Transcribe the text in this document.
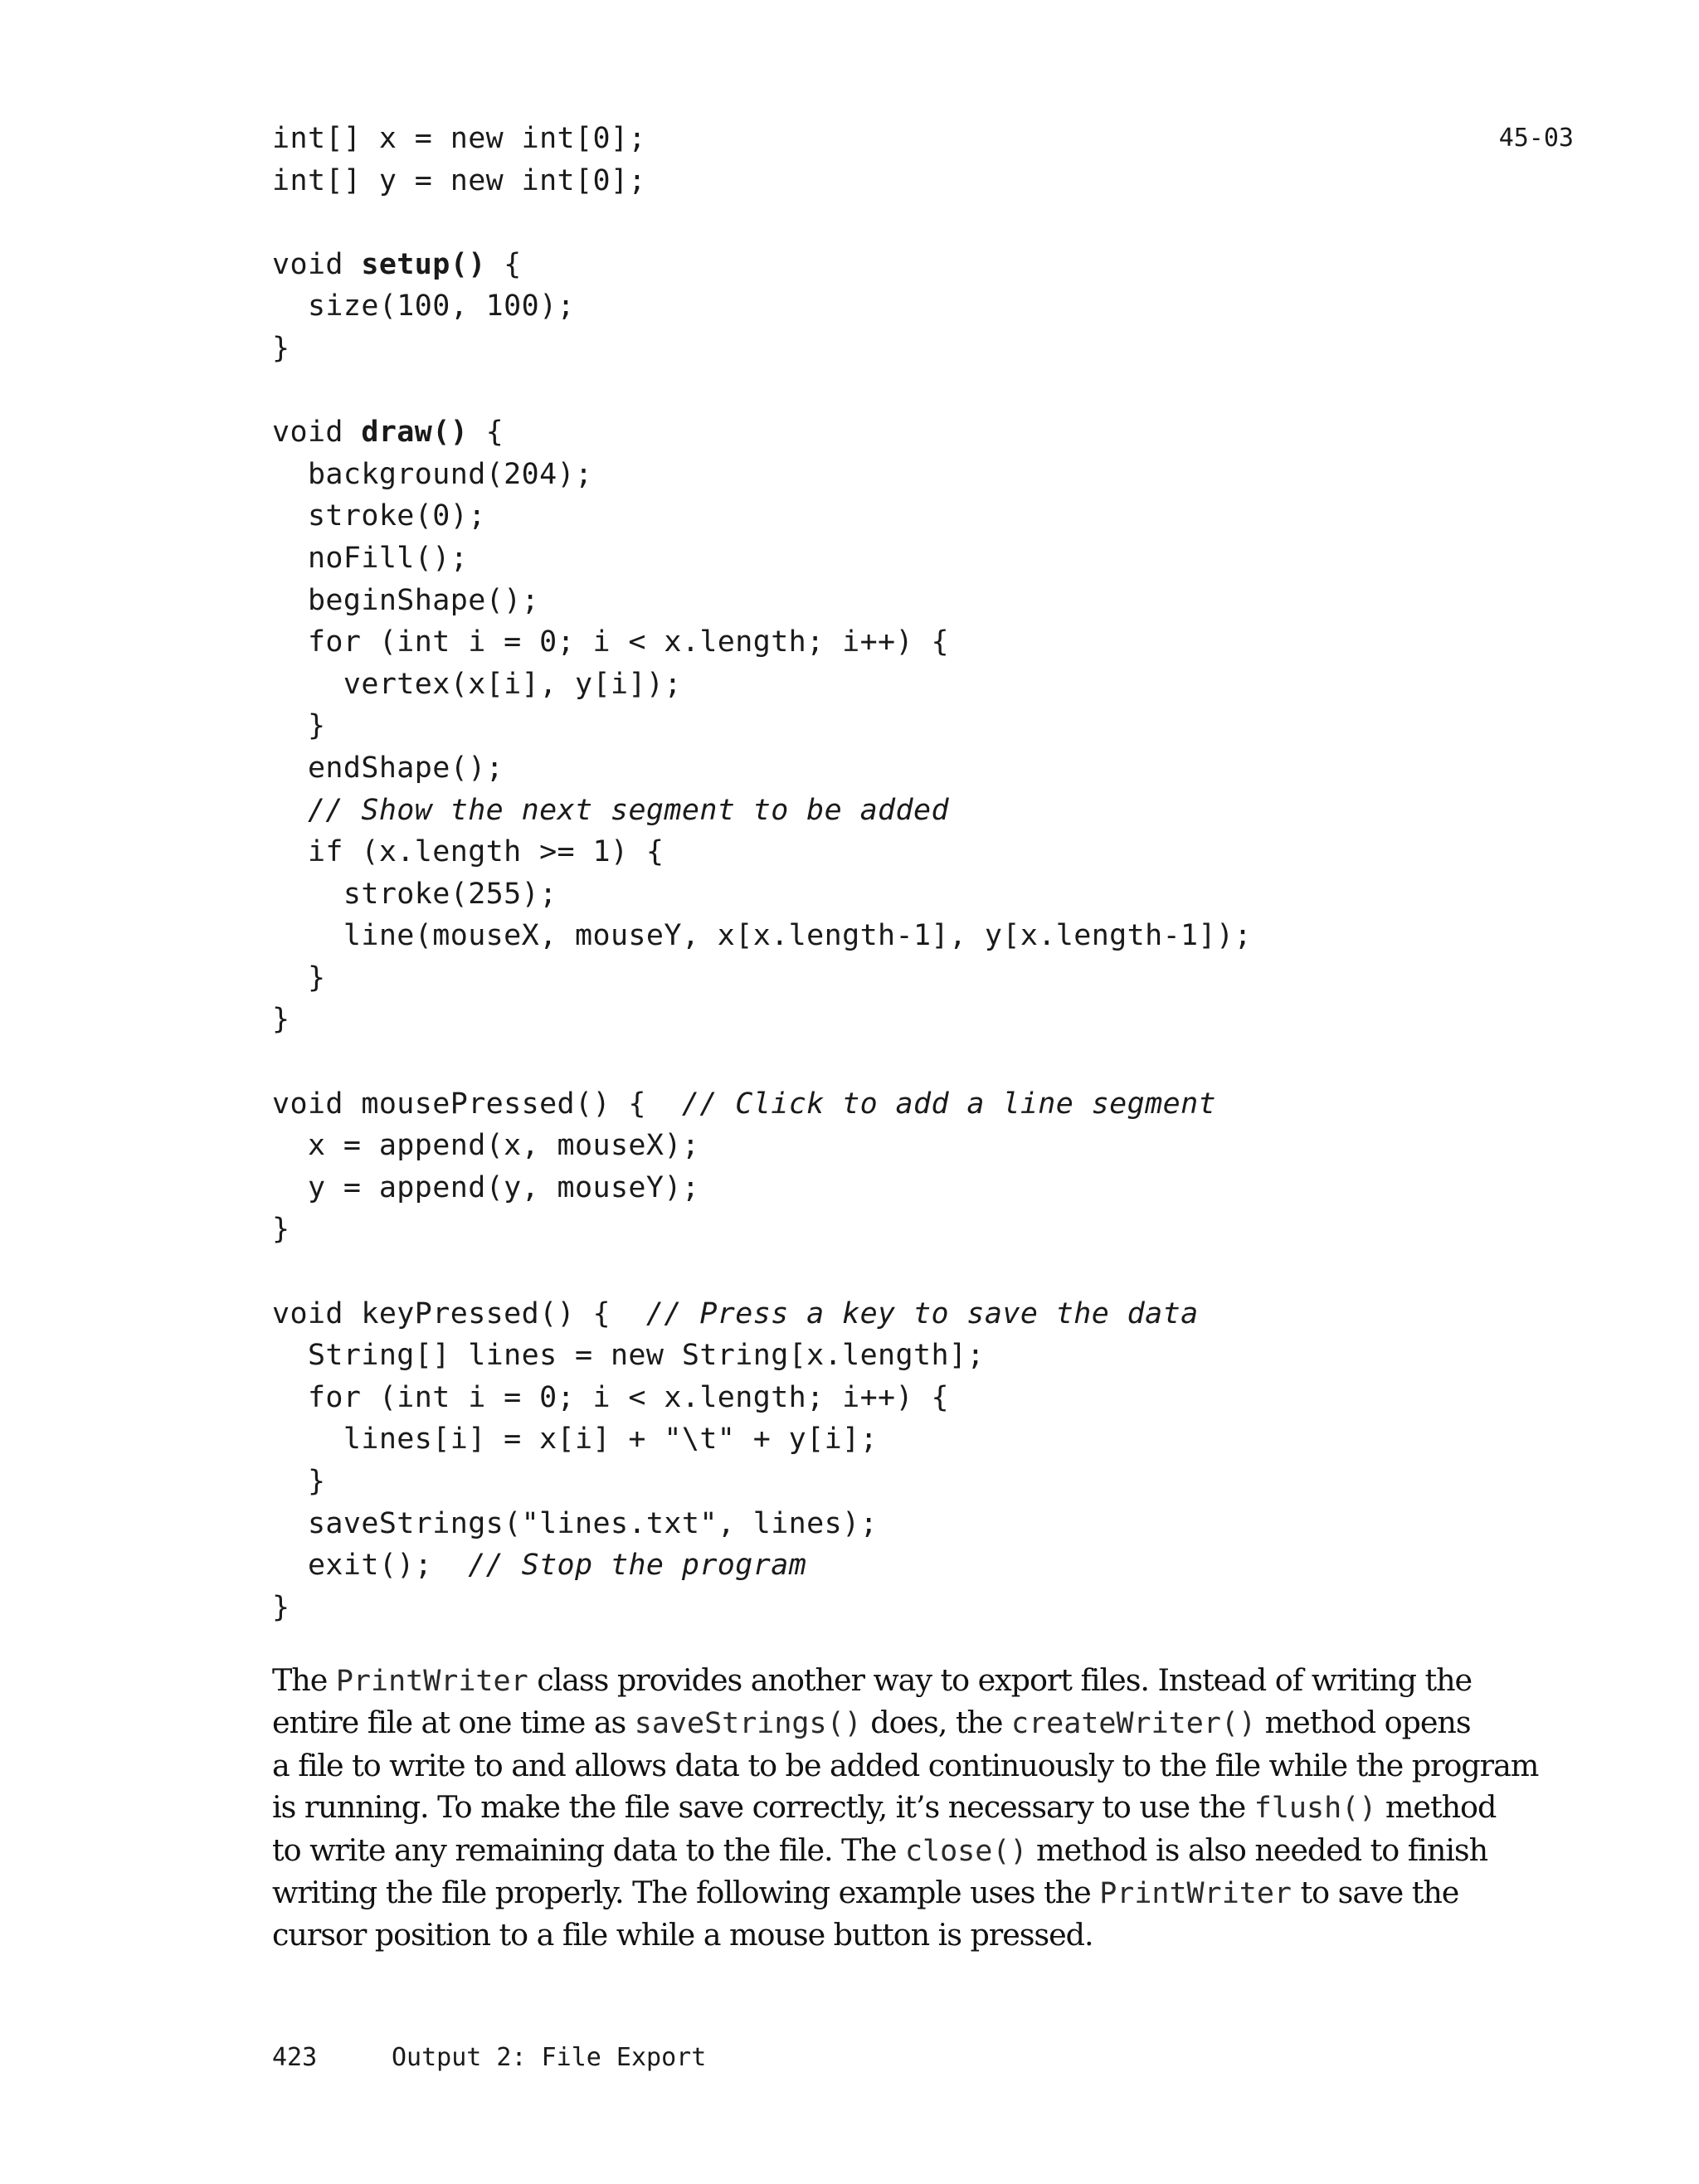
45-03
int[] x = new int[0];
int[] y = new int[0];
void setup() {
size(100, 100);
}
void draw() {
background(204);
stroke(0);
noFill();
beginShape();
for (int i = 0; i < x.length; i++) {
vertex(x[i], y[i]);
}
endShape();
// Show the next segment to be added
if (x.length >= 1) {
stroke(255);
line(mouseX, mouseY, x[x.length-1], y[x.length-1]);
}
}
void mousePressed() {  // Click to add a line segment
x = append(x, mouseX);
y = append(y, mouseY);
}
void keyPressed() {  // Press a key to save the data
String[] lines = new String[x.length];
for (int i = 0; i < x.length; i++) {
lines[i] = x[i] + "\t" + y[i];
}
saveStrings("lines.txt", lines);
exit();  // Stop the program
}

The PrintWriter class provides another way to export files. Instead of writing the
entire file at one time as saveStrings() does, the createWriter() method opens
a file to write to and allows data to be added continuously to the file while the program
is running. To make the file save correctly, it’s necessary to use the flush() method
to write any remaining data to the file. The close() method is also needed to finish
writing the file properly. The following example uses the PrintWriter to save the
cursor position to a file while a mouse button is pressed.

423	Output 2: File Export
